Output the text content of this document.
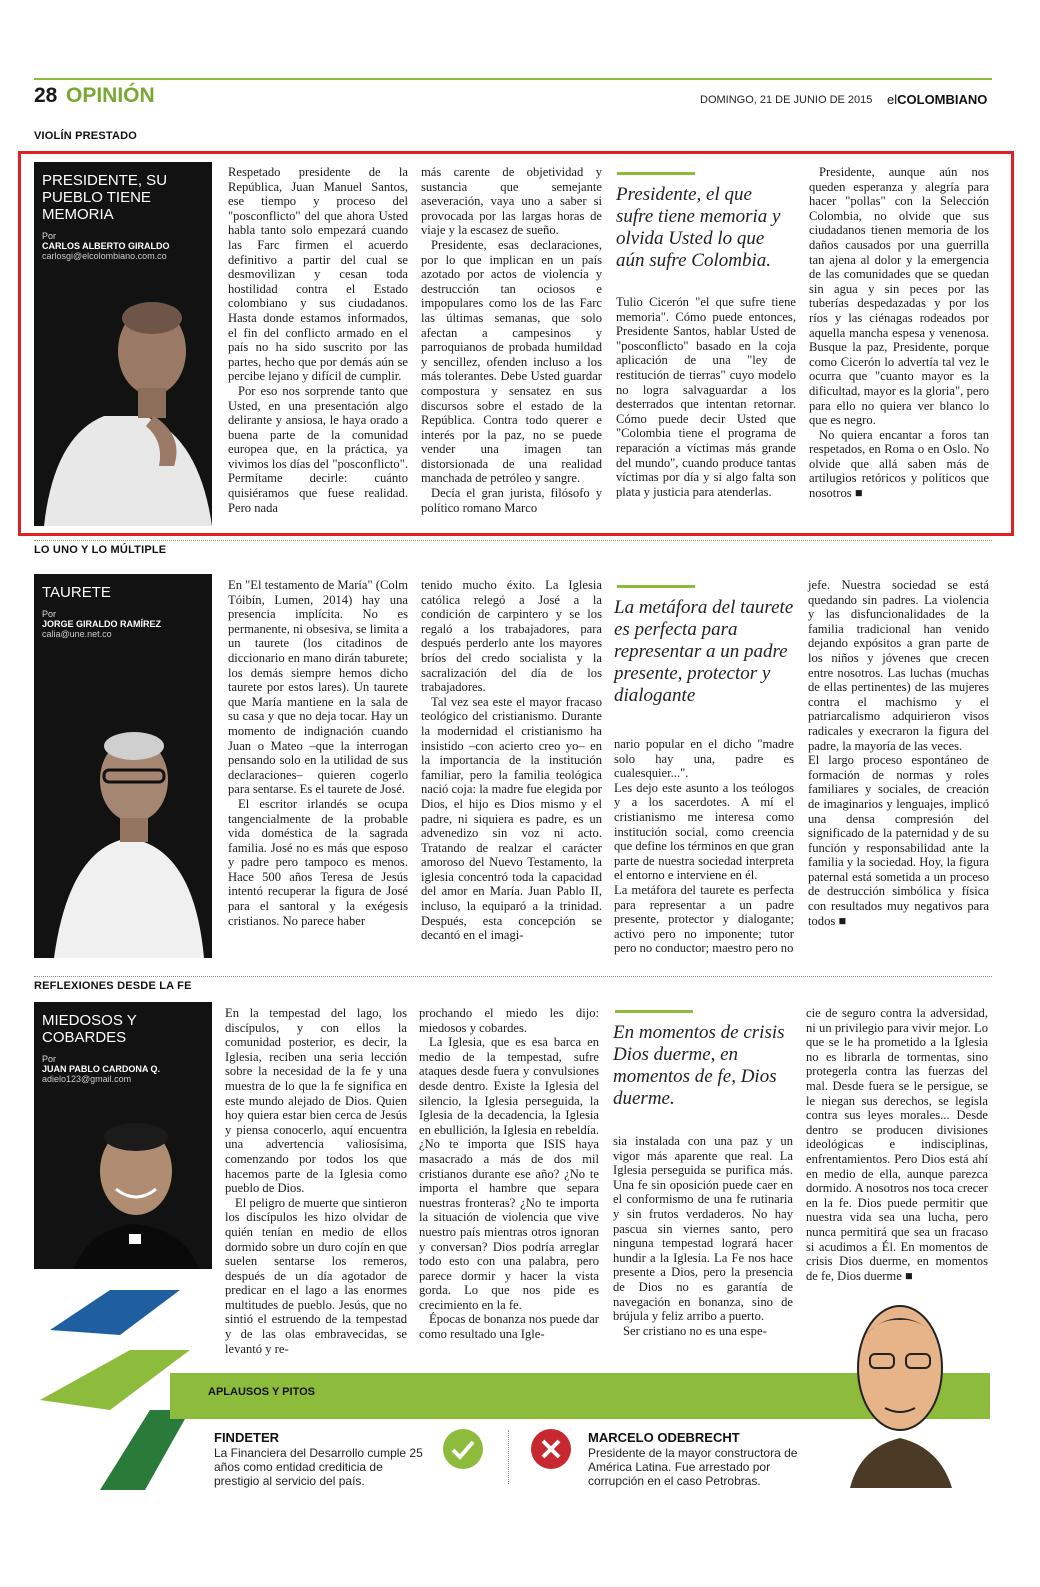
28 OPINIÓN	DOMINGO, 21 DE JUNIO DE 2015 elCOLOMBIANO
VIOLÍN PRESTADO
PRESIDENTE, SU PUEBLO TIENE MEMORIA
Por
CARLOS ALBERTO GIRALDO
carlosgi@elcolombiano.com.co

Respetado presidente de la República, Juan Manuel Santos, ese tiempo y proceso del "posconflicto" del que ahora Usted habla tanto solo empezará cuando las Farc firmen el acuerdo definitivo a partir del cual se desmovilizan y cesan toda hostilidad contra el Estado colombiano y sus ciudadanos. Hasta donde estamos informados, el fin del conflicto armado en el país no ha sido suscrito por las partes, hecho que por demás aún se percibe lejano y difícil de cumplir.

Por eso nos sorprende tanto que Usted, en una presentación algo delirante y ansiosa, le haya orado a buena parte de la comunidad europea que, en la práctica, ya vivimos los días del "posconflicto". Permítame decirle: cuánto quisiéramos que fuese realidad. Pero nada

más carente de objetividad y sustancia que semejante aseveración, vaya uno a saber si provocada por las largas horas de viaje y la escasez de sueño.

Presidente, esas declaraciones, por lo que implican en un país azotado por actos de violencia y destrucción tan ociosos e impopulares como los de las Farc las últimas semanas, que solo afectan a campesinos y parroquianos de probada humildad y sencillez, ofenden incluso a los más tolerantes. Debe Usted guardar compostura y sensatez en sus discursos sobre el estado de la República. Contra todo querer e interés por la paz, no se puede vender una imagen tan distorsionada de una realidad manchada de petróleo y sangre.

Decía el gran jurista, filósofo y político romano Marco

Presidente, el que sufre tiene memoria y olvida Usted lo que aún sufre Colombia.

Tulio Cicerón "el que sufre tiene memoria". Cómo puede entonces, Presidente Santos, hablar Usted de "posconflicto" basado en la coja aplicación de una "ley de restitución de tierras" cuyo modelo no logra salvaguardar a los desterrados que intentan retornar. Cómo puede decir Usted que "Colombia tiene el programa de reparación a víctimas más grande del mundo", cuando produce tantas víctimas por día y si algo falta son plata y justicia para atenderlas.

Presidente, aunque aún nos queden esperanza y alegría para hacer "pollas" con la Selección Colombia, no olvide que sus ciudadanos tienen memoria de los daños causados por una guerrilla tan ajena al dolor y la emergencia de las comunidades que se quedan sin agua y sin peces por las tuberías despedazadas y por los ríos y las ciénagas rodeados por aquella mancha espesa y venenosa. Busque la paz, Presidente, porque como Cicerón lo advertía tal vez le ocurra que "cuanto mayor es la dificultad, mayor es la gloria", pero para ello no quiera ver blanco lo que es negro.

No quiera encantar a foros tan respetados, en Roma o en Oslo. No olvide que allá saben más de artilugios retóricos y políticos que nosotros ■

LO UNO Y LO MÚLTIPLE
TAURETE
Por
JORGE GIRALDO RAMÍREZ
calia@une.net.co

En "El testamento de María" (Colm Tóibín, Lumen, 2014) hay una presencia implícita. No es permanente, ni obsesiva, se limita a un taurete (los citadinos de diccionario en mano dirán taburete; los demás siempre hemos dicho taurete por estos lares). Un taurete que María mantiene en la sala de su casa y que no deja tocar. Hay un momento de indignación cuando Juan o Mateo –que la interrogan pensando solo en la utilidad de sus declaraciones– quieren cogerlo para sentarse. Es el taurete de José.

El escritor irlandés se ocupa tangencialmente de la probable vida doméstica de la sagrada familia. José no es más que esposo y padre pero tampoco es menos. Hace 500 años Teresa de Jesús intentó recuperar la figura de José para el santoral y la exégesis cristianos. No parece haber

tenido mucho éxito. La Iglesia católica relegó a José a la condición de carpintero y se los regaló a los trabajadores, para después perderlo ante los mayores bríos del credo socialista y la sacralización del día de los trabajadores.

Tal vez sea este el mayor fracaso teológico del cristianismo. Durante la modernidad el cristianismo ha insistido –con acierto creo yo– en la importancia de la institución familiar, pero la familia teológica nació coja: la madre fue elegida por Dios, el hijo es Dios mismo y el padre, ni siquiera es padre, es un advenedizo sin voz ni acto. Tratando de realzar el carácter amoroso del Nuevo Testamento, la iglesia concentró toda la capacidad del amor en María. Juan Pablo II, incluso, la equiparó a la trinidad. Después, esta concepción se decantó en el imagi-

La metáfora del taurete es perfecta para representar a un padre presente, protector y dialogante

nario popular en el dicho "madre solo hay una, padre es cualesquier...".

Les dejo este asunto a los teólogos y a los sacerdotes. A mí el cristianismo me interesa como institución social, como creencia que define los términos en que gran parte de nuestra sociedad interpreta el entorno e interviene en él.

La metáfora del taurete es perfecta para representar a un padre presente, protector y dialogante; activo pero no imponente; tutor pero no conductor; maestro pero no

jefe. Nuestra sociedad se está quedando sin padres. La violencia y las disfuncionalidades de la familia tradicional han venido dejando expósitos a gran parte de los niños y jóvenes que crecen entre nosotros. Las luchas (muchas de ellas pertinentes) de las mujeres contra el machismo y el patriarcalismo adquirieron visos radicales y execraron la figura del padre, la mayoría de las veces.

El largo proceso espontáneo de formación de normas y roles familiares y sociales, de creación de imaginarios y lenguajes, implicó una densa compresión del significado de la paternidad y de su función y responsabilidad ante la familia y la sociedad. Hoy, la figura paternal está sometida a un proceso de destrucción simbólica y física con resultados muy negativos para todos ■

REFLEXIONES DESDE LA FE
MIEDOSOS Y COBARDES
Por
JUAN PABLO CARDONA Q.
adielo123@gmail.com

En la tempestad del lago, los discípulos, y con ellos la comunidad posterior, es decir, la Iglesia, reciben una seria lección sobre la necesidad de la fe y una muestra de lo que la fe significa en este mundo alejado de Dios. Quien hoy quiera estar bien cerca de Jesús y piensa conocerlo, aquí encuentra una advertencia valiosísima, comenzando por todos los que hacemos parte de la Iglesia como pueblo de Dios.

El peligro de muerte que sintieron los discípulos les hizo olvidar de quién tenían en medio de ellos dormido sobre un duro cojín en que suelen sentarse los remeros, después de un día agotador de predicar en el lago a las enormes multitudes de pueblo. Jesús, que no sintió el estruendo de la tempestad y de las olas embravecidas, se levantó y re-

prochando el miedo les dijo: miedosos y cobardes.

La Iglesia, que es esa barca en medio de la tempestad, sufre ataques desde fuera y convulsiones desde dentro. Existe la Iglesia del silencio, la Iglesia perseguida, la Iglesia de la decadencia, la Iglesia en ebullición, la Iglesia en rebeldía. ¿No te importa que ISIS haya masacrado a más de dos mil cristianos durante ese año? ¿No te importa el hambre que separa nuestras fronteras? ¿No te importa la situación de violencia que vive nuestro país mientras otros ignoran y conversan? Dios podría arreglar todo esto con una palabra, pero parece dormir y hacer la vista gorda. Lo que nos pide es crecimiento en la fe.

Épocas de bonanza nos puede dar como resultado una Igle-

En momentos de crisis Dios duerme, en momentos de fe, Dios duerme.

sia instalada con una paz y un vigor más aparente que real. La Iglesia perseguida se purifica más. Una fe sin oposición puede caer en el conformismo de una fe rutinaria y sin frutos verdaderos. No hay pascua sin viernes santo, pero ninguna tempestad logrará hacer hundir a la Iglesia. La Fe nos hace presente a Dios, pero la presencia de Dios no es garantía de navegación en bonanza, sino de brújula y feliz arribo a puerto.

Ser cristiano no es una espe-

cie de seguro contra la adversidad, ni un privilegio para vivir mejor. Lo que se le ha prometido a la Iglesia no es librarla de tormentas, sino protegerla contra las fuerzas del mal. Desde fuera se le persigue, se le niegan sus derechos, se legisla contra sus leyes morales... Desde dentro se producen divisiones ideológicas e indisciplinas, enfrentamientos. Pero Dios está ahí en medio de ella, aunque parezca dormido. A nosotros nos toca crecer en la fe. Dios puede permitir que nuestra vida sea una lucha, pero nunca permitirá que sea un fracaso si acudimos a Él. En momentos de crisis Dios duerme, en momentos de fe, Dios duerme ■

APLAUSOS Y PITOS
FINDETER
La Financiera del Desarrollo cumple 25 años como entidad crediticia de prestigio al servicio del país.
MARCELO ODEBRECHT
Presidente de la mayor constructora de América Latina. Fue arrestado por corrupción en el caso Petrobras.
